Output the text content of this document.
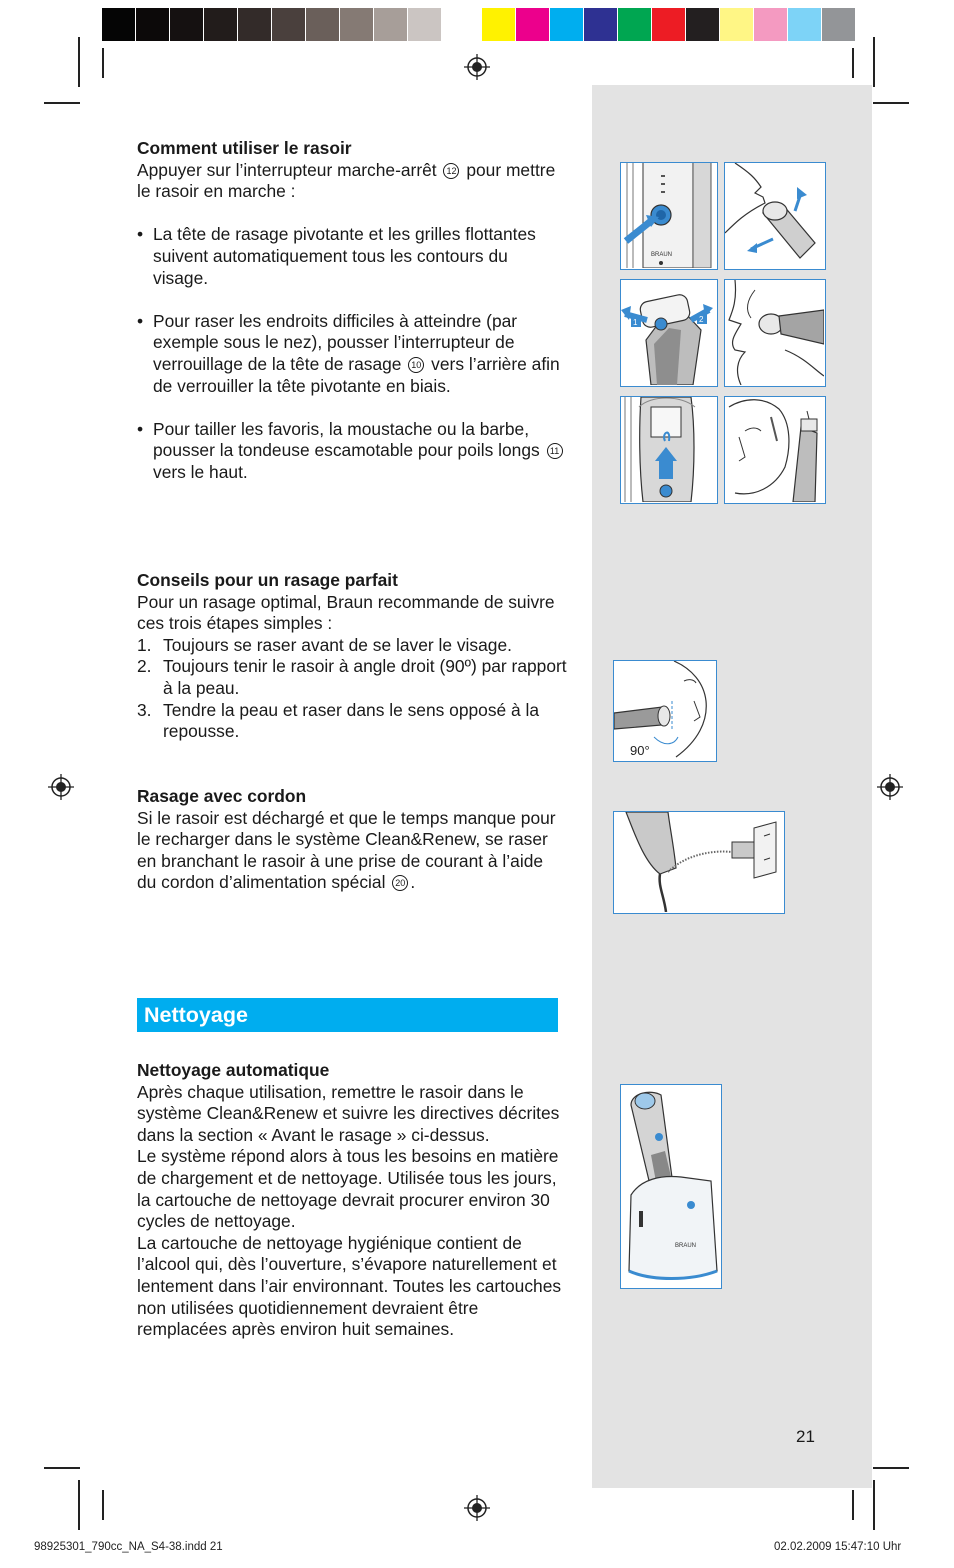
Comment utiliser le rasoir

Appuyer sur l’interrupteur marche-arrêt 12 pour mettre le rasoir en marche :

• La tête de rasage pivotante et les grilles flottantes suivent automatiquement tous les contours du visage.

• Pour raser les endroits difficiles à atteindre (par exemple sous le nez), pousser l’interrupteur de verrouillage de la tête de rasage 10 vers l’arrière afin de verrouiller la tête pivotante en biais.

• Pour tailler les favoris, la moustache ou la barbe, pousser la tondeuse escamotable pour poils longs 11 vers le haut.

Conseils pour un rasage parfait

Pour un rasage optimal, Braun recommande de suivre ces trois étapes simples :

1. Toujours se raser avant de se laver le visage.

2. Toujours tenir le rasoir à angle droit (90º) par rapport à la peau.

3. Tendre la peau et raser dans le sens opposé à la repousse.

Rasage avec cordon

Si le rasoir est déchargé et que le temps manque pour le recharger dans le système Clean&Renew, se raser en branchant le rasoir à une prise de courant à l’aide du cordon d’alimentation spécial 20 .

Nettoyage

Nettoyage automatique

Après chaque utilisation, remettre le rasoir dans le système Clean&Renew et suivre les directives décrites dans la section « Avant le rasage » ci-dessus.

Le système répond alors à tous les besoins en matière de chargement et de nettoyage. Utilisée tous les jours, la cartouche de nettoyage devrait procurer environ 30 cycles de nettoyage.

La cartouche de nettoyage hygiénique contient de l’alcool qui, dès l’ouverture, s’évapore naturellement et lentement dans l’air environnant. Toutes les cartouches non utilisées quotidiennement devraient être remplacées après environ huit semaines.

BRAUN
1	2
90°
BRAUN
21
98925301_790cc_NA_S4-38.indd 21	02.02.2009 15:47:10 Uhr
